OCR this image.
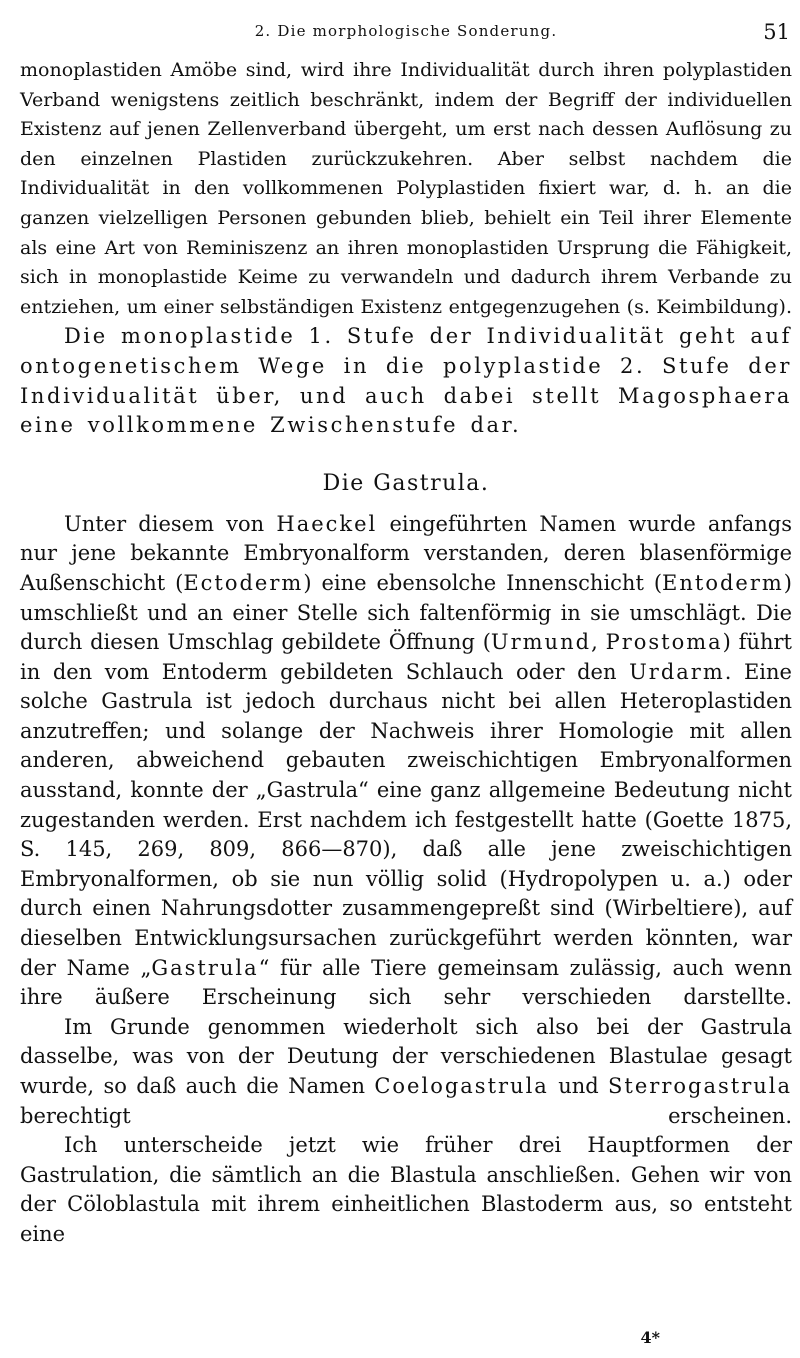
2. Die morphologische Sonderung.	51

monoplastiden Amöbe sind, wird ihre Individualität durch ihren polyplastiden Verband wenigstens zeitlich beschränkt, indem der Begriff der individuellen Existenz auf jenen Zellenverband übergeht, um erst nach dessen Auflösung zu den einzelnen Plastiden zurückzukehren. Aber selbst nachdem die Individualität in den vollkommenen Polyplastiden fixiert war, d. h. an die ganzen vielzelligen Personen gebunden blieb, behielt ein Teil ihrer Elemente als eine Art von Reminiszenz an ihren monoplastiden Ursprung die Fähigkeit, sich in monoplastide Keime zu verwandeln und dadurch ihrem Verbande zu entziehen, um einer selbständigen Existenz entgegenzugehen (s. Keimbildung).

Die monoplastide 1. Stufe der Individualität geht auf ontogenetischem Wege in die polyplastide 2. Stufe der Individualität über, und auch dabei stellt Magosphaera eine vollkommene Zwischenstufe dar.

Die Gastrula.

Unter diesem von Haeckel eingeführten Namen wurde anfangs nur jene bekannte Embryonalform verstanden, deren blasenförmige Außenschicht (Ectoderm) eine ebensolche Innenschicht (Entoderm) umschließt und an einer Stelle sich faltenförmig in sie umschlägt. Die durch diesen Umschlag gebildete Öffnung (Urmund, Prostoma) führt in den vom Entoderm gebildeten Schlauch oder den Urdarm. Eine solche Gastrula ist jedoch durchaus nicht bei allen Heteroplastiden anzutreffen; und solange der Nachweis ihrer Homologie mit allen anderen, abweichend gebauten zweischichtigen Embryonalformen ausstand, konnte der „Gastrula“ eine ganz allgemeine Bedeutung nicht zugestanden werden. Erst nachdem ich festgestellt hatte (Goette 1875, S. 145, 269, 809, 866—870), daß alle jene zweischichtigen Embryonalformen, ob sie nun völlig solid (Hydropolypen u. a.) oder durch einen Nahrungsdotter zusammengepreßt sind (Wirbeltiere), auf dieselben Entwicklungsursachen zurückgeführt werden könnten, war der Name „Gastrula“ für alle Tiere gemeinsam zulässig, auch wenn ihre äußere Erscheinung sich sehr verschieden darstellte.

Im Grunde genommen wiederholt sich also bei der Gastrula dasselbe, was von der Deutung der verschiedenen Blastulae gesagt wurde, so daß auch die Namen Coelogastrula und Sterrogastrula berechtigt erscheinen.

Ich unterscheide jetzt wie früher drei Hauptformen der Gastrulation, die sämtlich an die Blastula anschließen. Gehen wir von der Cöloblastula mit ihrem einheitlichen Blastoderm aus, so entsteht eine

4*
